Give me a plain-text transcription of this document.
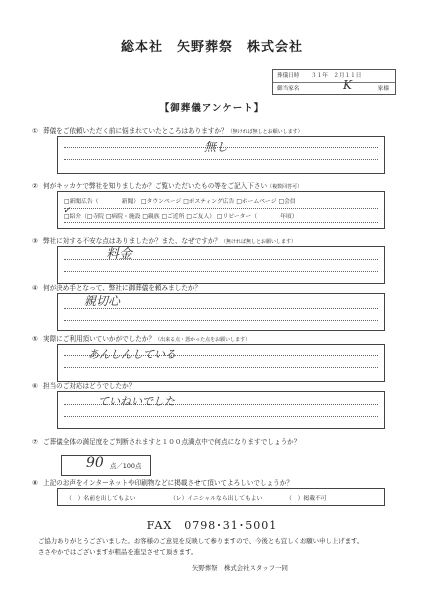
総本社　矢野葬祭　株式会社
葬儀日時	３１年　２月１１日
御当家名	K	家様
【御葬儀アンケート】
① 葬儀をご依頼いただく前に悩まれていたところはありますか？（無ければ無しとお願いします）
無し
② 何がキッカケで弊社を知りましたか？ご覧いただいたもの等をご記入下さい（複数回答可）
□新聞広告（　　　　新聞） □タウンページ □ポスティング広告 □ホームページ □会員
□紹介（□寺院
✓
□病院・施設 □親族 □ご近所 □ご友人） □リピーター（　　　　年頃）
③ 弊社に対する不安な点はありましたか？また、なぜですか？（無ければ無しとお願いします）
料金
④ 何が決め手となって、弊社に御葬儀を頼みましたか？
親切心
⑤ 実際にご利用頂いていかがでしたか？（出来る点・悪かった点をお願いします）
あんしんしている
⑥ 担当のご対応はどうでしたか？
ていねいでした
⑦ ご葬儀全体の満足度をご判断されますと１００点満点中で何点になりますでしょうか？
90 点／100点
⑧ 上記のお声をインターネットや印刷物などに掲載させて頂いてよろしいでしょうか？
（　）名前を出してもよい	（レ）イニシャルなら出してもよい	（　）掲載不可
FAX　0798･31･5001
ご協力ありがとうございました。お客様のご意見を反映して参りますので、今後とも宜しくお願い申し上げます。
ささやかではございますが粗品を進呈させて頂きます。
矢野葬祭　株式会社スタッフ一同
